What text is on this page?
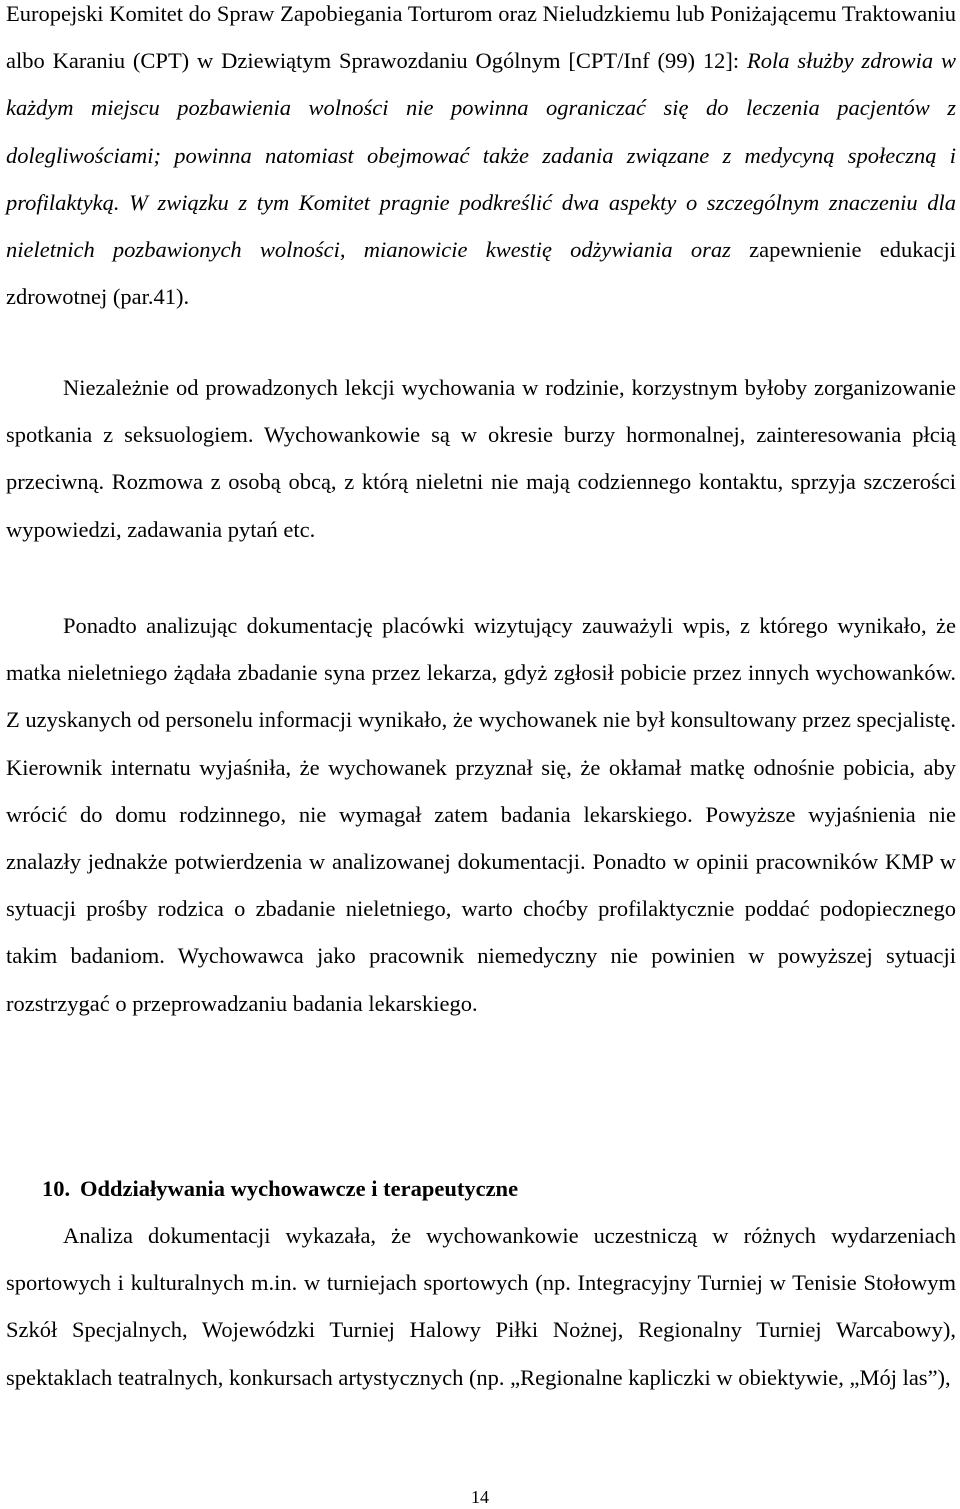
Europejski Komitet do Spraw Zapobiegania Torturom oraz Nieludzkiemu lub Poniżającemu Traktowaniu albo Karaniu (CPT) w Dziewiątym Sprawozdaniu Ogólnym [CPT/Inf (99) 12]: Rola służby zdrowia w każdym miejscu pozbawienia wolności nie powinna ograniczać się do leczenia pacjentów z dolegliwościami; powinna natomiast obejmować także zadania związane z medycyną społeczną i profilaktyką. W związku z tym Komitet pragnie podkreślić dwa aspekty o szczególnym znaczeniu dla nieletnich pozbawionych wolności, mianowicie kwestię odżywiania oraz zapewnienie edukacji zdrowotnej (par.41).

Niezależnie od prowadzonych lekcji wychowania w rodzinie, korzystnym byłoby zorganizowanie spotkania z seksuologiem. Wychowankowie są w okresie burzy hormonalnej, zainteresowania płcią przeciwną. Rozmowa z osobą obcą, z którą nieletni nie mają codziennego kontaktu, sprzyja szczerości wypowiedzi, zadawania pytań etc.

Ponadto analizując dokumentację placówki wizytujący zauważyli wpis, z którego wynikało, że matka nieletniego żądała zbadanie syna przez lekarza, gdyż zgłosił pobicie przez innych wychowanków. Z uzyskanych od personelu informacji wynikało, że wychowanek nie był konsultowany przez specjalistę. Kierownik internatu wyjaśniła, że wychowanek przyznał się, że okłamał matkę odnośnie pobicia, aby wrócić do domu rodzinnego, nie wymagał zatem badania lekarskiego. Powyższe wyjaśnienia nie znalazły jednakże potwierdzenia w analizowanej dokumentacji. Ponadto w opinii pracowników KMP w sytuacji prośby rodzica o zbadanie nieletniego, warto choćby profilaktycznie poddać podopiecznego takim badaniom. Wychowawca jako pracownik niemedyczny nie powinien w powyższej sytuacji rozstrzygać o przeprowadzaniu badania lekarskiego.

10. Oddziaływania wychowawcze i terapeutyczne

Analiza dokumentacji wykazała, że wychowankowie uczestniczą w różnych wydarzeniach sportowych i kulturalnych m.in. w turniejach sportowych (np. Integracyjny Turniej w Tenisie Stołowym Szkół Specjalnych, Wojewódzki Turniej Halowy Piłki Nożnej, Regionalny Turniej Warcabowy), spektaklach teatralnych, konkursach artystycznych (np. „Regionalne kapliczki w obiektywie, „Mój las”),

14
